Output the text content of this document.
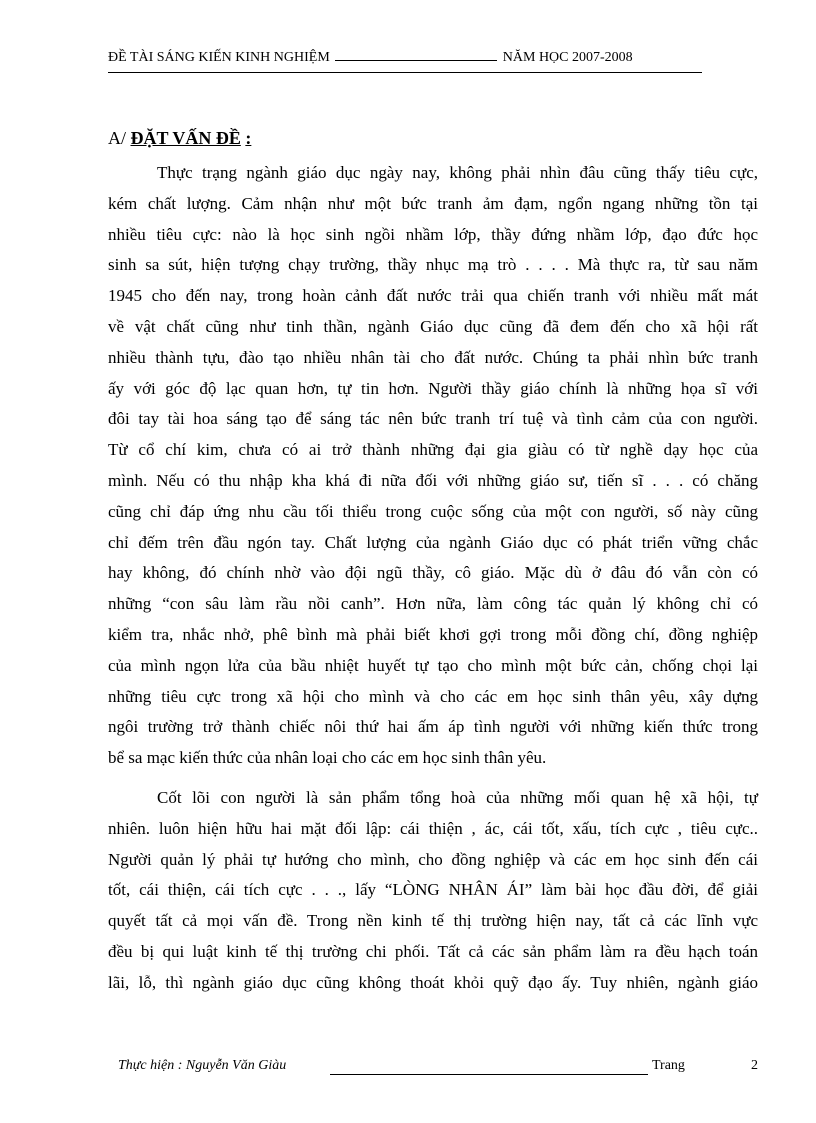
ĐỀ TÀI SÁNG KIẾN KINH NGHIỆM	NĂM HỌC 2007-2008
A/ ĐẶT VẤN ĐỀ :
Thực trạng ngành giáo dục ngày nay, không phải nhìn đâu cũng thấy tiêu cực,
kém chất lượng. Cảm nhận như một bức tranh ảm đạm, ngổn ngang những tồn tại
nhiều tiêu cực: nào là học sinh ngồi nhầm lớp, thầy đứng nhầm lớp, đạo đức học
sinh sa sút, hiện tượng chạy trường, thầy nhục mạ trò . . . . Mà thực ra, từ sau năm
1945 cho đến nay, trong hoàn cảnh đất nước trải qua chiến tranh với nhiều mất mát
về vật chất cũng như tinh thần, ngành Giáo dục cũng đã đem đến cho xã hội rất
nhiều thành tựu, đào tạo nhiều nhân tài cho đất nước. Chúng ta phải nhìn bức tranh
ấy với góc độ lạc quan hơn, tự tin hơn. Người thầy giáo chính là những họa sĩ với
đôi tay tài hoa sáng tạo để sáng tác nên bức tranh trí tuệ và tình cảm của con người.
Từ cổ chí kim, chưa có ai trở thành những đại gia giàu có từ nghề dạy học của
mình. Nếu có thu nhập kha khá đi nữa đối với những giáo sư, tiến sĩ . . . có chăng
cũng chỉ đáp ứng nhu cầu tối thiểu trong cuộc sống của một con người, số này cũng
chỉ đếm trên đầu ngón tay. Chất lượng của ngành Giáo dục có phát triển vững chắc
hay không, đó chính nhờ vào đội ngũ thầy, cô giáo. Mặc dù ở đâu đó vẫn còn có
những “con sâu làm rầu nồi canh”. Hơn nữa, làm công tác quản lý không chỉ có
kiểm tra, nhắc nhở, phê bình mà phải biết khơi gợi trong mỗi đồng chí, đồng nghiệp
của mình ngọn lửa của bầu nhiệt huyết tự tạo cho mình một bức cản, chống chọi lại
những tiêu cực trong xã hội cho mình và cho các em học sinh thân yêu, xây dựng
ngôi trường trở thành chiếc nôi thứ hai ấm áp tình người với những kiến thức trong
bể sa mạc kiến thức của nhân loại cho các em học sinh thân yêu.
Cốt lõi con người là sản phẩm tổng hoà của những mối quan hệ xã hội, tự
nhiên. luôn hiện hữu hai mặt đối lập: cái thiện , ác, cái tốt, xấu, tích cực , tiêu cực..
Người quản lý phải tự hướng cho mình, cho đồng nghiệp và các em học sinh đến cái
tốt, cái thiện, cái tích cực . . ., lấy “LÒNG NHÂN ÁI” làm bài học đầu đời, để giải
quyết tất cả mọi vấn đề. Trong nền kinh tế thị trường hiện nay, tất cả các lĩnh vực
đều bị qui luật kinh tế thị trường chi phối. Tất cả các sản phẩm làm ra đều hạch toán
lãi, lỗ, thì ngành giáo dục cũng không thoát khỏi quỹ đạo ấy. Tuy nhiên, ngành giáo
Thực hiện : Nguyễn Văn Giàu	Trang	2
